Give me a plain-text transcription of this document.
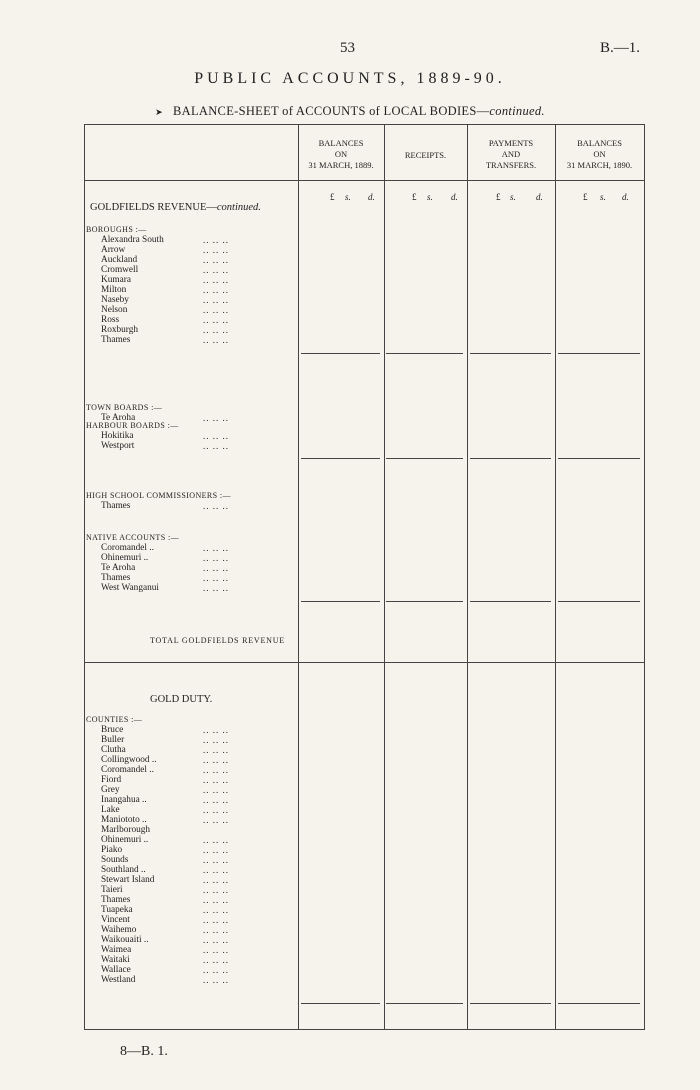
53	B.—1.
PUBLIC ACCOUNTS, 1889-90.
➤ BALANCE-SHEET of ACCOUNTS of LOCAL BODIES—continued.
BALANCES
ON
31 MARCH, 1889.
RECEIPTS.
PAYMENTS
AND
TRANSFERS.
BALANCES
ON
31 MARCH, 1890.
£ s. d.	£ s. d.	£ s. d.	£ s. d.
GOLDFIELDS REVENUE—continued.
BOROUGHS :—
Alexandra South	.. .. ..
Arrow	.. .. ..
Auckland	.. .. ..
Cromwell	.. .. ..
Kumara	.. .. ..
Milton	.. .. ..
Naseby	.. .. ..
Nelson	.. .. ..
Ross	.. .. ..
Roxburgh	.. .. ..
Thames	.. .. ..
TOWN BOARDS :—
Te Aroha	.. .. ..
HARBOUR BOARDS :—
Hokitika	.. .. ..
Westport	.. .. ..
HIGH SCHOOL COMMISSIONERS :—
Thames	.. .. ..
NATIVE ACCOUNTS :—
Coromandel ..	.. .. ..
Ohinemuri ..	.. .. ..
Te Aroha	.. .. ..
Thames	.. .. ..
West Wanganui	.. .. ..
TOTAL GOLDFIELDS REVENUE
GOLD DUTY.
COUNTIES :—
Bruce	.. .. ..
Buller	.. .. ..
Clutha	.. .. ..
Collingwood ..	.. .. ..
Coromandel ..	.. .. ..
Fiord	.. .. ..
Grey	.. .. ..
Inangahua ..	.. .. ..
Lake	.. .. ..
Maniototo ..	.. .. ..
Marlborough
Ohinemuri ..	.. .. ..
Piako	.. .. ..
Sounds	.. .. ..
Southland ..	.. .. ..
Stewart Island	.. .. ..
Taieri	.. .. ..
Thames	.. .. ..
Tuapeka	.. .. ..
Vincent	.. .. ..
Waihemo	.. .. ..
Waikouaiti ..	.. .. ..
Waimea	.. .. ..
Waitaki	.. .. ..
Wallace	.. .. ..
Westland	.. .. ..
8—B. 1.
